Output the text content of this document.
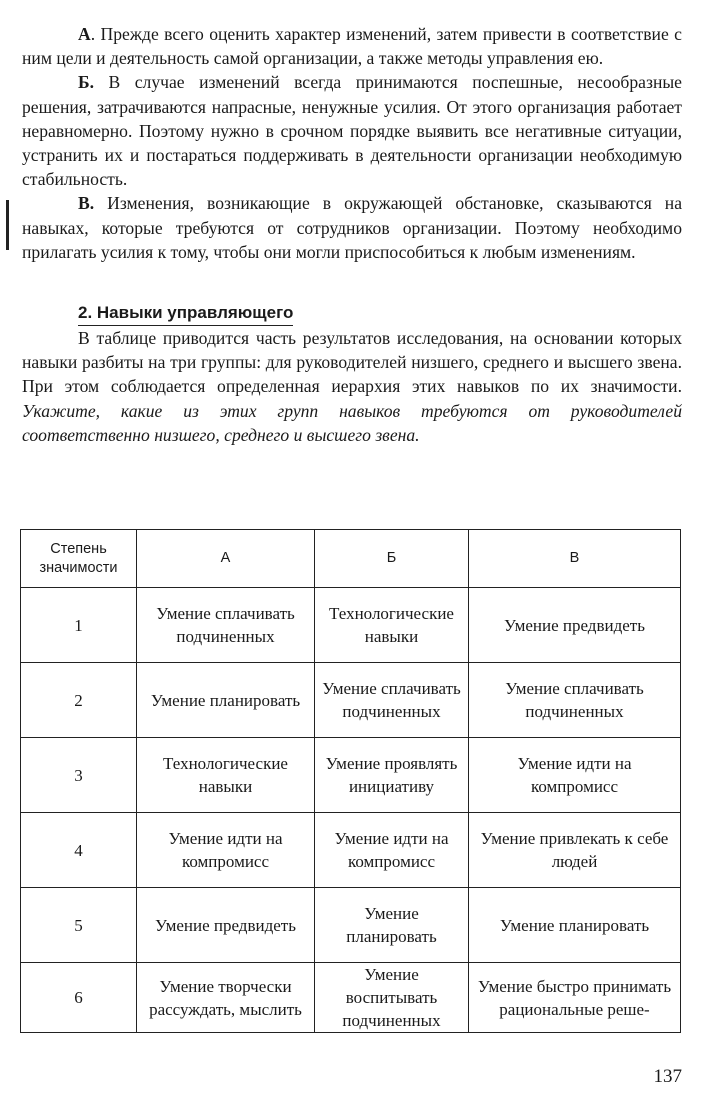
А. Прежде всего оценить характер изменений, затем привести в соответствие с ним цели и деятельность самой организации, а также методы управления ею.

Б. В случае изменений всегда принимаются поспешные, несообразные решения, затрачиваются напрасные, ненужные усилия. От этого организация работает неравномерно. Поэтому нужно в срочном порядке выявить все негативные ситуации, устранить их и постараться поддерживать в деятельности организации необходимую стабильность.

В. Изменения, возникающие в окружающей обстановке, сказываются на навыках, которые требуются от сотрудников организации. Поэтому необходимо прилагать усилия к тому, чтобы они могли приспособиться к любым изменениям.

2. Навыки управляющего

В таблице приводится часть результатов исследования, на основании которых навыки разбиты на три группы: для руководителей низшего, среднего и высшего звена. При этом соблюдается определенная иерархия этих навыков по их значимости. Укажите, какие из этих групп навыков требуются от руководителей соответственно низшего, среднего и высшего звена.

Степень значимости	А	Б	В
1	Умение сплачивать подчиненных	Технологические навыки	Умение предвидеть
2	Умение планировать	Умение сплачивать подчиненных	Умение сплачивать подчиненных
3	Технологические навыки	Умение проявлять инициативу	Умение идти на компромисс
4	Умение идти на компромисс	Умение идти на компромисс	Умение привлекать к себе людей
5	Умение предвидеть	Умение планировать	Умение планировать
6	Умение творчески рассуждать, мыслить	Умение воспитывать подчиненных	Умение быстро принимать рациональные реше-
137
